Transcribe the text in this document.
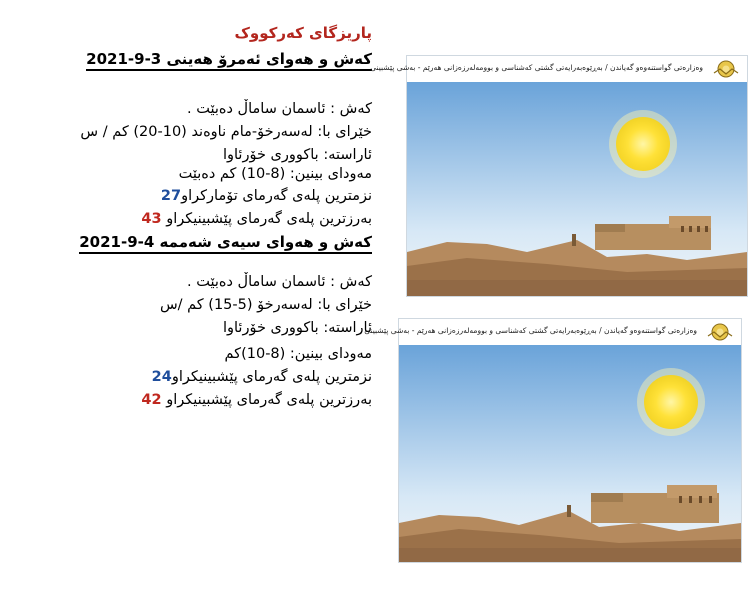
پاریزگای کەرکووک
کەش و هەوای ئەمرۆ هەینی 3-9-2021
کەش : ئاسمان ساماڵ دەبێت .
خێرای با: لەسەرخۆ-مام ناوەند (10-20) کم / س
ئاراستە: باکووری خۆرئاوا
مەودای بینین: (8-10) کم دەبێت
نزمترین پلەی گەرمای تۆمارکراو27
بەرزترین پلەی گەرمای پێشبینیکراو 43
کەش و هەوای سیەی شەممە 4-9-2021
کەش : ئاسمان ساماڵ دەبێت .
خێرای با: لەسەرخۆ (5-15) کم /س
ئاراستە: باکووری خۆرئاوا
مەودای بینین: (8-10)کم
نزمترین پلەی گەرمای پێشبینیکراو24
بەرزترین پلەی گەرمای پێشبینیکراو 42
وەزارەتی گواستنەوەو گەیاندن / بەڕێوەبەرایەتی گشتی کەشناسی و بوومەلەرزەزانی هەرێم - بەشی پێشبینی
وەزارەتی گواستنەوەو گەیاندن / بەڕێوەبەرایەتی گشتی کەشناسی و بوومەلەرزەزانی هەرێم - بەشی پێشبینی
